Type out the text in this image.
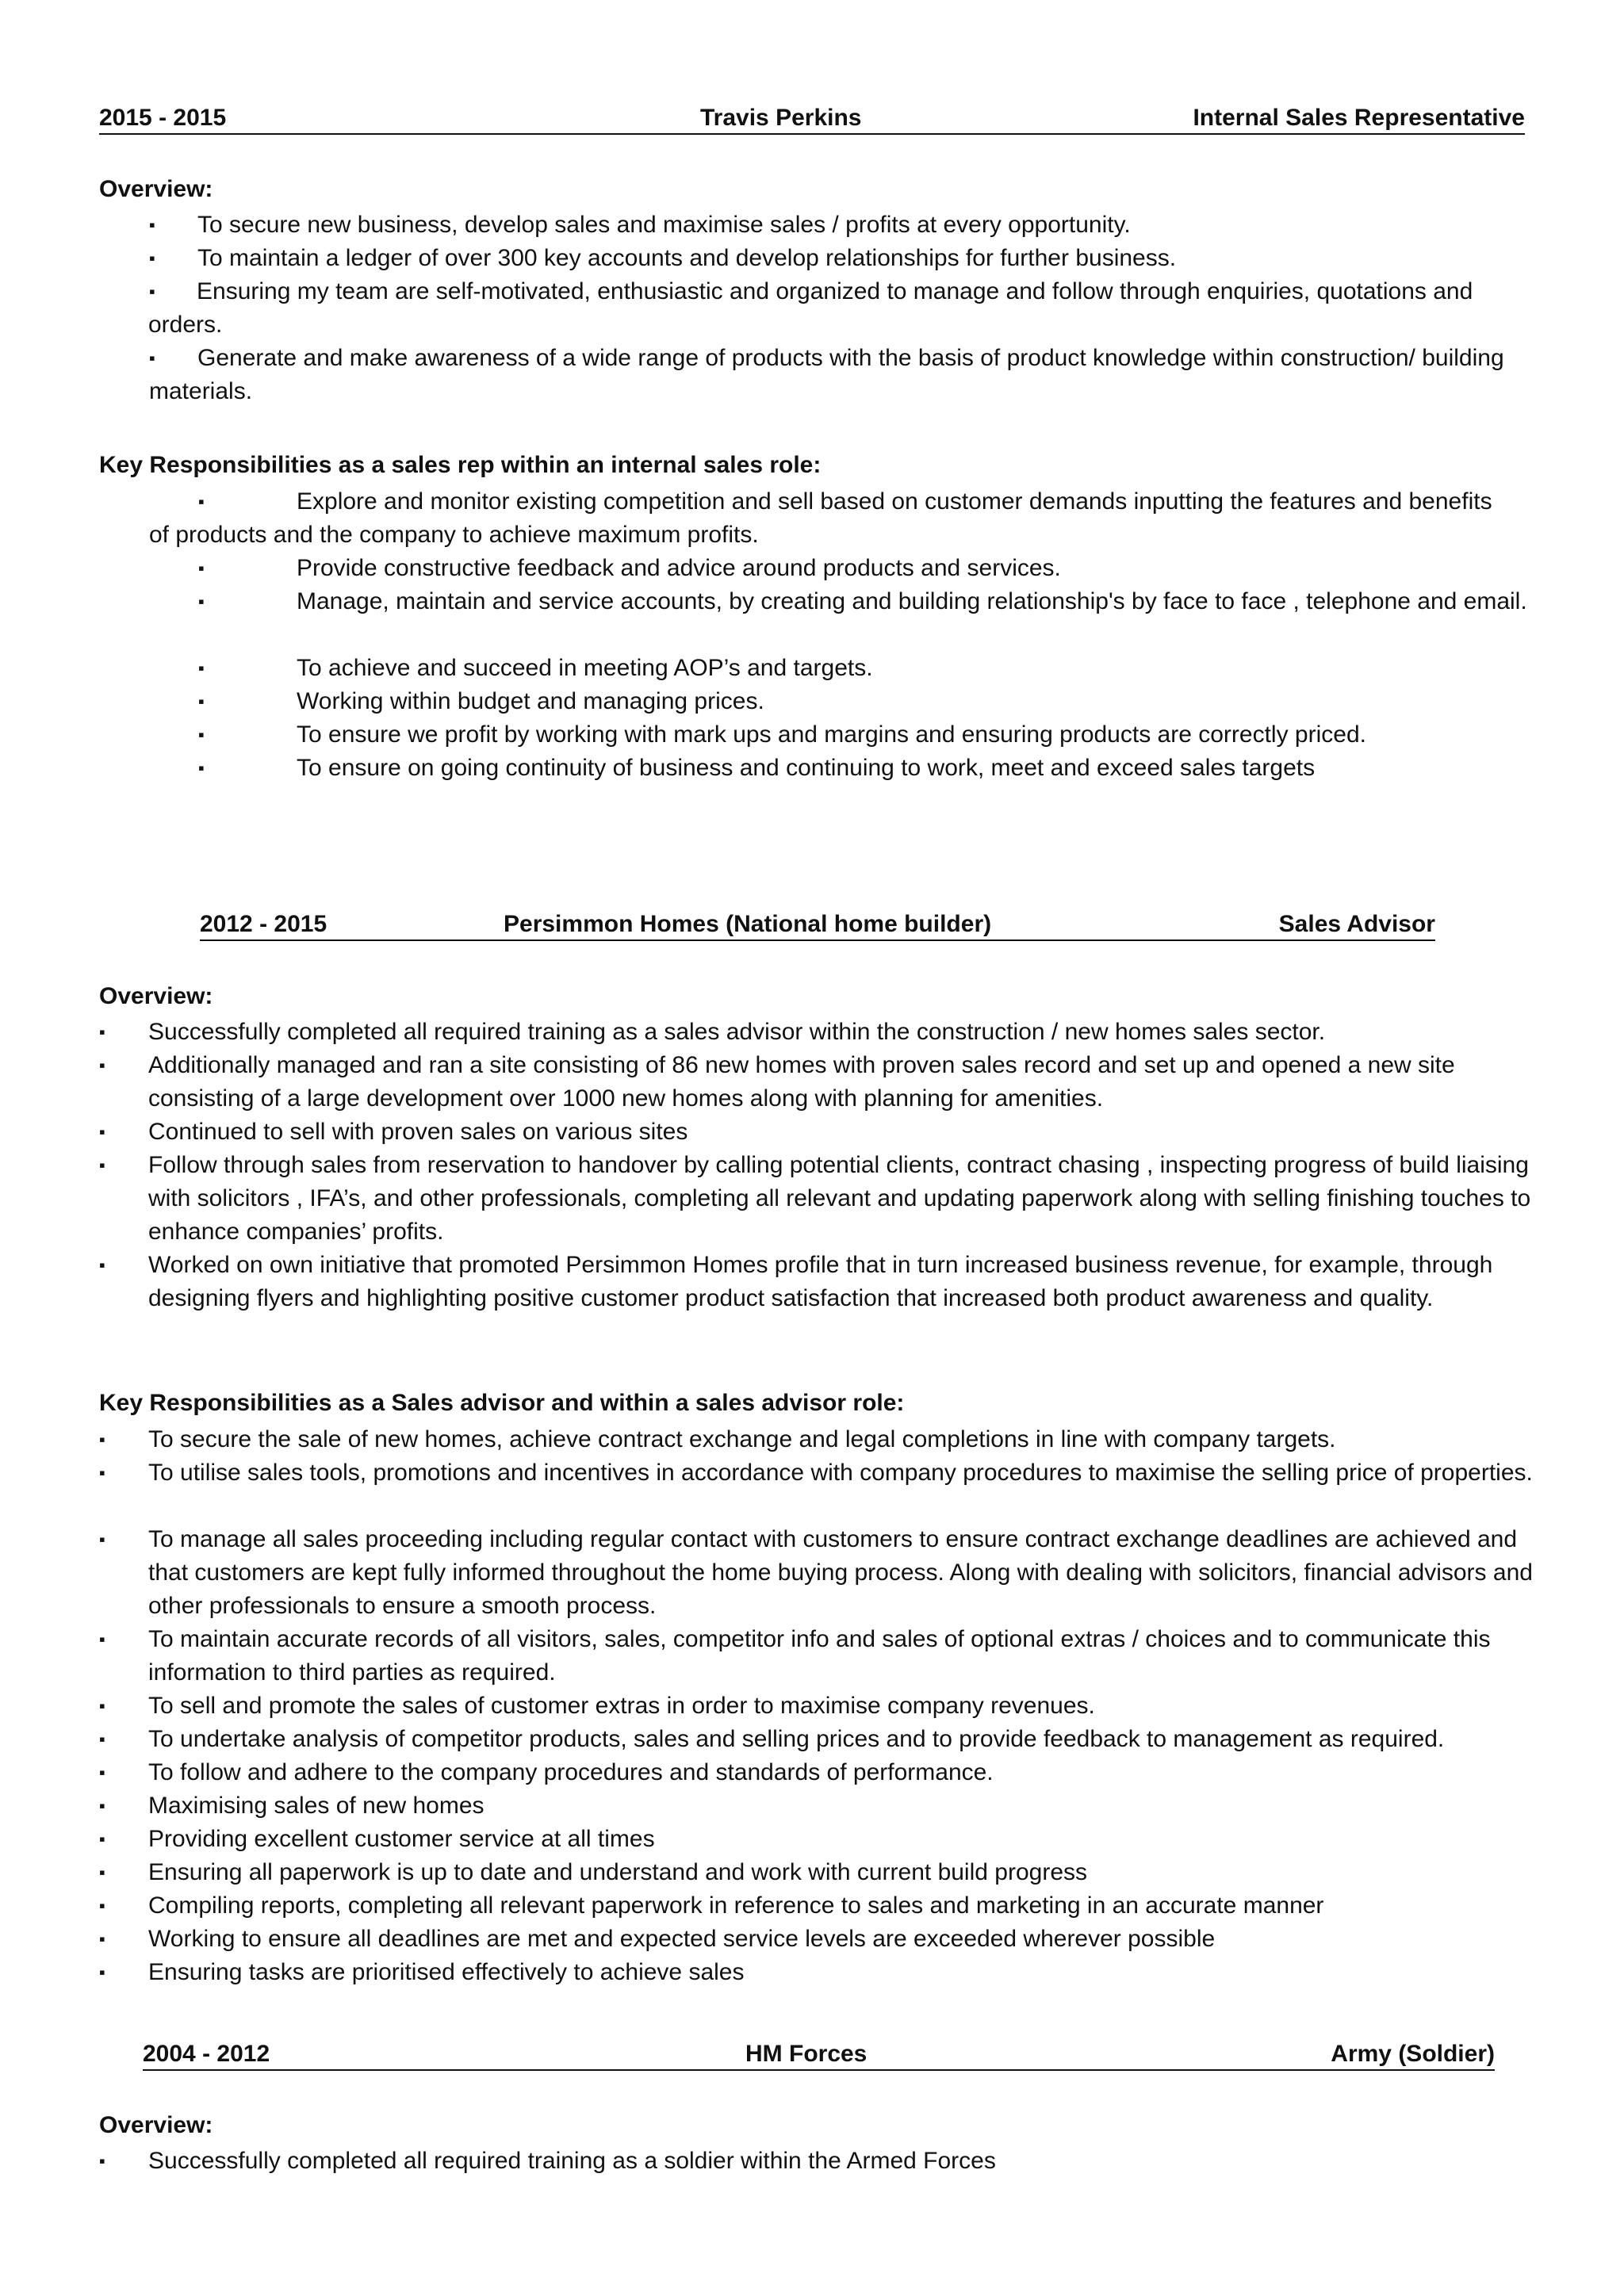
2015 - 2015	Travis Perkins	Internal Sales Representative
Overview:
▪	To secure new business, develop sales and maximise sales / profits at every opportunity.
▪	To maintain a ledger of over 300 key accounts and develop relationships for further business.
▪	Ensuring my team are self-motivated, enthusiastic and organized to manage and follow through enquiries, quotations and orders.
▪	Generate and make awareness of a wide range of products with the basis of product knowledge within construction/ building materials.
Key Responsibilities as a sales rep within an internal sales role:
▪	Explore and monitor existing competition and sell based on customer demands inputting the features and benefits of products and the company to achieve maximum profits.
▪	Provide constructive feedback and advice around products and services.
▪	Manage, maintain and service accounts, by creating and building relationship's by face to face , telephone and email.
▪	To achieve and succeed in meeting AOP’s and targets.
▪	Working within budget and managing prices.
▪	To ensure we profit by working with mark ups and margins and ensuring products are correctly priced.
▪	To ensure on going continuity of business and continuing to work, meet and exceed sales targets
2012 - 2015	Persimmon Homes (National home builder)	Sales Advisor
Overview:
▪	Successfully completed all required training as a sales advisor within the construction / new homes sales sector.
▪	Additionally managed and ran a site consisting of 86 new homes with proven sales record and set up and opened a new site consisting of a large development over 1000 new homes along with planning for amenities.
▪	Continued to sell with proven sales on various sites
▪	Follow through sales from reservation to handover by calling potential clients, contract chasing , inspecting progress of build liaising with solicitors , IFA’s, and other professionals, completing all relevant and updating paperwork along with selling finishing touches to enhance companies’ profits.
▪	Worked on own initiative that promoted Persimmon Homes profile that in turn increased business revenue, for example, through designing flyers and highlighting positive customer product satisfaction that increased both product awareness and quality.
Key Responsibilities as a Sales advisor and within a sales advisor role:
▪	To secure the sale of new homes, achieve contract exchange and legal completions in line with company targets.
▪	To utilise sales tools, promotions and incentives in accordance with company procedures to maximise the selling price of properties.
▪	To manage all sales proceeding including regular contact with customers to ensure contract exchange deadlines are achieved and that customers are kept fully informed throughout the home buying process. Along with dealing with solicitors, financial advisors and other professionals to ensure a smooth process.
▪	To maintain accurate records of all visitors, sales, competitor info and sales of optional extras / choices and to communicate this information to third parties as required.
▪	To sell and promote the sales of customer extras in order to maximise company revenues.
▪	To undertake analysis of competitor products, sales and selling prices and to provide feedback to management as required.
▪	To follow and adhere to the company procedures and standards of performance.
▪	Maximising sales of new homes
▪	Providing excellent customer service at all times
▪	Ensuring all paperwork is up to date and understand and work with current build progress
▪	Compiling reports, completing all relevant paperwork in reference to sales and marketing in an accurate manner
▪	Working to ensure all deadlines are met and expected service levels are exceeded wherever possible
▪	Ensuring tasks are prioritised effectively to achieve sales
2004 - 2012	HM Forces	Army (Soldier)
Overview:
▪	Successfully completed all required training as a soldier within the Armed Forces
